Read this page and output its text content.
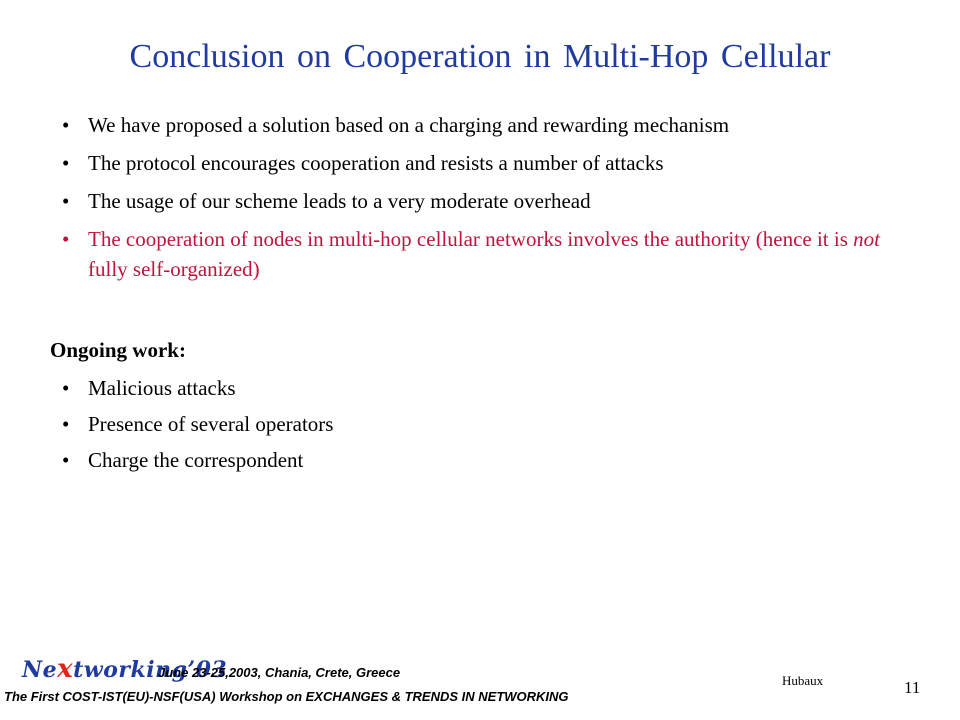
Conclusion on Cooperation in Multi-Hop Cellular
• We have proposed a solution based on a charging and rewarding mechanism
• The protocol encourages cooperation and resists a number of attacks
• The usage of our scheme leads to a very moderate overhead
• The cooperation of nodes in multi-hop cellular networks involves the authority (hence it is not fully self-organized)
Ongoing work:
• Malicious attacks
• Presence of several operators
• Charge the correspondent
Nextworking’03
June 23-25,2003, Chania, Crete, Greece
The First COST-IST(EU)-NSF(USA) Workshop on EXCHANGES & TRENDS IN NETWORKING
Hubaux	11
